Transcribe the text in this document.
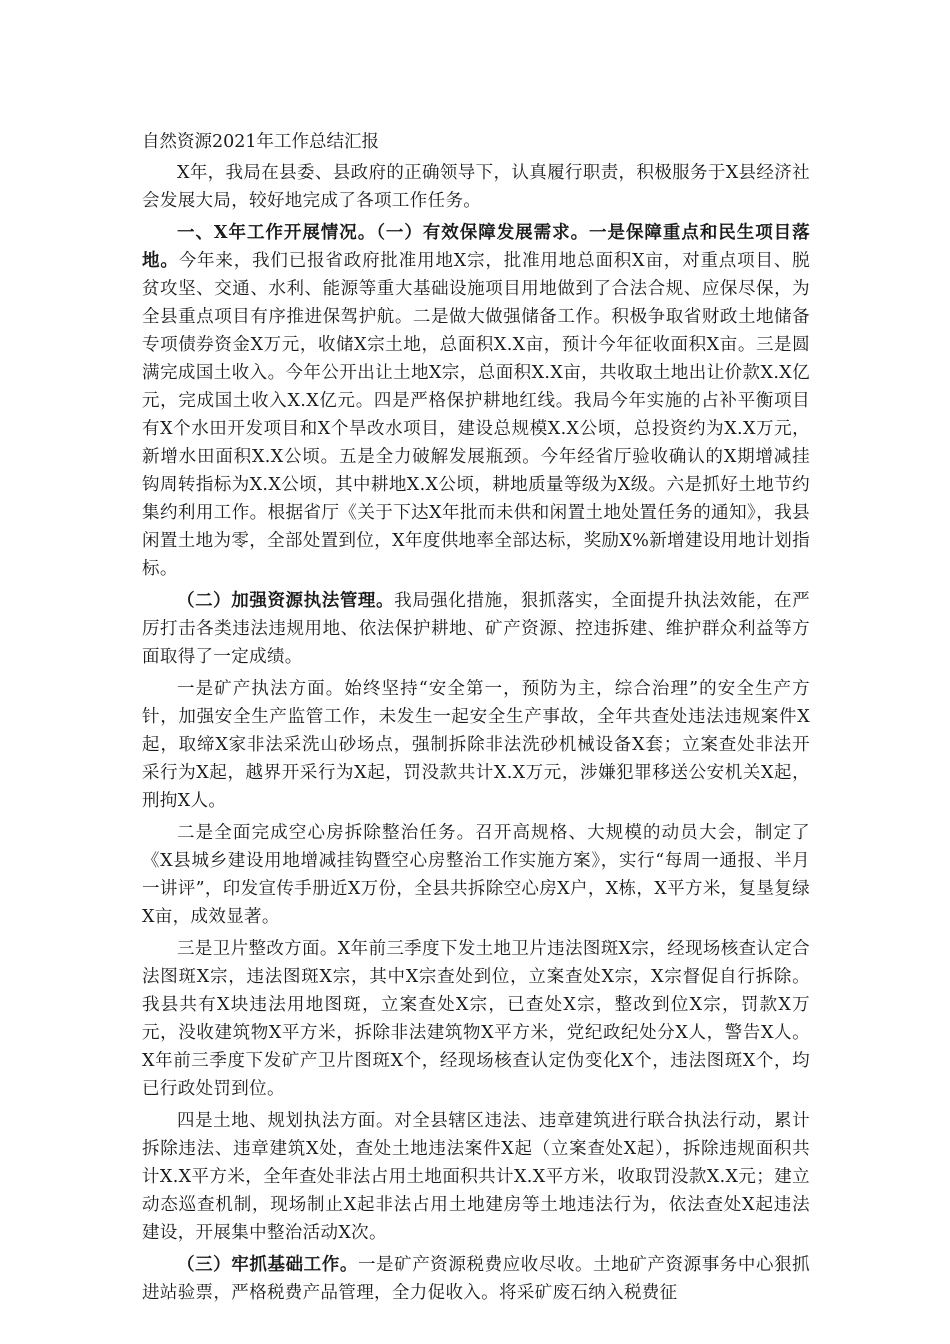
自然资源2021年工作总结汇报

X年，我局在县委、县政府的正确领导下，认真履行职责，积极服务于X县经济社会发展大局，较好地完成了各项工作任务。

一、X年工作开展情况。（一）有效保障发展需求。一是保障重点和民生项目落地。今年来，我们已报省政府批准用地X宗，批准用地总面积X亩，对重点项目、脱贫攻坚、交通、水利、能源等重大基础设施项目用地做到了合法合规、应保尽保，为全县重点项目有序推进保驾护航。二是做大做强储备工作。积极争取省财政土地储备专项债券资金X万元，收储X宗土地，总面积X.X亩，预计今年征收面积X亩。三是圆满完成国土收入。今年公开出让土地X宗，总面积X.X亩，共收取土地出让价款X.X亿元，完成国土收入X.X亿元。四是严格保护耕地红线。我局今年实施的占补平衡项目有X个水田开发项目和X个旱改水项目，建设总规模X.X公顷，总投资约为X.X万元，新增水田面积X.X公顷。五是全力破解发展瓶颈。今年经省厅验收确认的X期增减挂钩周转指标为X.X公顷，其中耕地X.X公顷，耕地质量等级为X级。六是抓好土地节约集约利用工作。根据省厅《关于下达X年批而未供和闲置土地处置任务的通知》，我县闲置土地为零，全部处置到位，X年度供地率全部达标，奖励X%新增建设用地计划指标。

（二）加强资源执法管理。我局强化措施，狠抓落实，全面提升执法效能，在严厉打击各类违法违规用地、依法保护耕地、矿产资源、控违拆建、维护群众利益等方面取得了一定成绩。

一是矿产执法方面。始终坚持“安全第一，预防为主，综合治理”的安全生产方针，加强安全生产监管工作，未发生一起安全生产事故，全年共查处违法违规案件X起，取缔X家非法采洗山砂场点，强制拆除非法洗砂机械设备X套；立案查处非法开采行为X起，越界开采行为X起，罚没款共计X.X万元，涉嫌犯罪移送公安机关X起，刑拘X人。

二是全面完成空心房拆除整治任务。召开高规格、大规模的动员大会，制定了《X县城乡建设用地增减挂钩暨空心房整治工作实施方案》，实行“每周一通报、半月一讲评”，印发宣传手册近X万份，全县共拆除空心房X户，X栋，X平方米，复垦复绿X亩，成效显著。

三是卫片整改方面。X年前三季度下发土地卫片违法图斑X宗，经现场核查认定合法图斑X宗，违法图斑X宗，其中X宗查处到位，立案查处X宗，X宗督促自行拆除。我县共有X块违法用地图斑，立案查处X宗，已查处X宗，整改到位X宗，罚款X万元，没收建筑物X平方米，拆除非法建筑物X平方米，党纪政纪处分X人，警告X人。X年前三季度下发矿产卫片图斑X个，经现场核查认定伪变化X个，违法图斑X个，均已行政处罚到位。

四是土地、规划执法方面。对全县辖区违法、违章建筑进行联合执法行动，累计拆除违法、违章建筑X处，查处土地违法案件X起（立案查处X起），拆除违规面积共计X.X平方米，全年查处非法占用土地面积共计X.X平方米，收取罚没款X.X元；建立动态巡查机制，现场制止X起非法占用土地建房等土地违法行为，依法查处X起违法建设，开展集中整治活动X次。

（三）牢抓基础工作。一是矿产资源税费应收尽收。土地矿产资源事务中心狠抓进站验票，严格税费产品管理，全力促收入。将采矿废石纳入税费征
